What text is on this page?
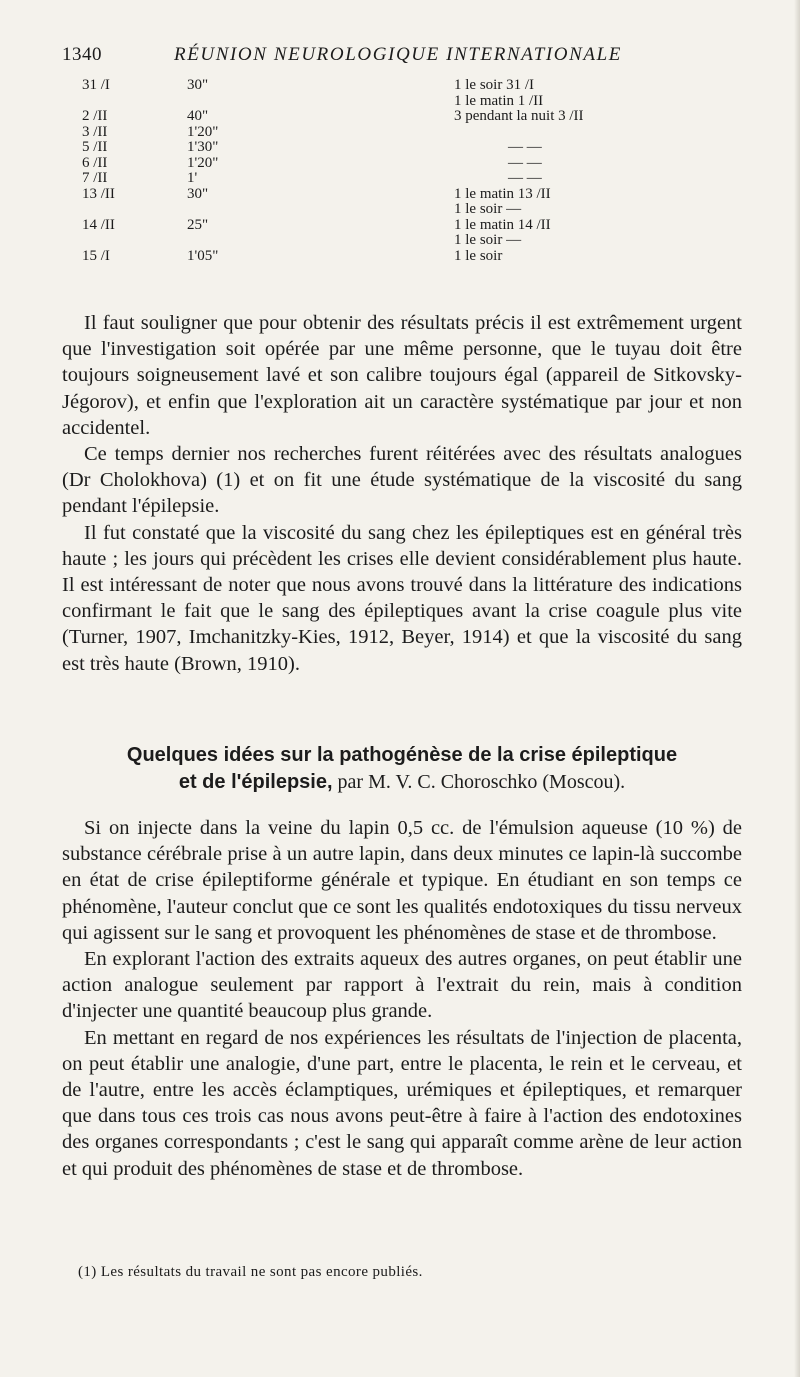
1340	RÉUNION NEUROLOGIQUE INTERNATIONALE
31 /I	30"	1 le soir 31 /I
1 le matin 1 /II
2 /II	40"	3 pendant la nuit 3 /II
3 /II	1'20"
5 /II	1'30"	— —
6 /II	1'20"	— —
7 /II	1'	— —
13 /II	30"	1 le matin 13 /II
1 le soir —
14 /II	25"	1 le matin 14 /II
1 le soir —
15 /I	1'05"	1 le soir

Il faut souligner que pour obtenir des résultats précis il est extrêmement urgent que l'investigation soit opérée par une même personne, que le tuyau doit être toujours soigneusement lavé et son calibre toujours égal (appareil de Sitkovsky-Jégorov), et enfin que l'exploration ait un caractère systématique par jour et non accidentel.

Ce temps dernier nos recherches furent réitérées avec des résultats analogues (Dr Cholokhova) (1) et on fit une étude systématique de la viscosité du sang pendant l'épilepsie.

Il fut constaté que la viscosité du sang chez les épileptiques est en général très haute ; les jours qui précèdent les crises elle devient considérablement plus haute. Il est intéressant de noter que nous avons trouvé dans la littérature des indications confirmant le fait que le sang des épileptiques avant la crise coagule plus vite (Turner, 1907, Imchanitzky-Kies, 1912, Beyer, 1914) et que la viscosité du sang est très haute (Brown, 1910).

Quelques idées sur la pathogénèse de la crise épileptique
et de l'épilepsie, par M. V. C. Choroschko (Moscou).

Si on injecte dans la veine du lapin 0,5 cc. de l'émulsion aqueuse (10 %) de substance cérébrale prise à un autre lapin, dans deux minutes ce lapin-là succombe en état de crise épileptiforme générale et typique. En étudiant en son temps ce phénomène, l'auteur conclut que ce sont les qualités endotoxiques du tissu nerveux qui agissent sur le sang et provoquent les phénomènes de stase et de thrombose.

En explorant l'action des extraits aqueux des autres organes, on peut établir une action analogue seulement par rapport à l'extrait du rein, mais à condition d'injecter une quantité beaucoup plus grande.

En mettant en regard de nos expériences les résultats de l'injection de placenta, on peut établir une analogie, d'une part, entre le placenta, le rein et le cerveau, et de l'autre, entre les accès éclamptiques, urémiques et épileptiques, et remarquer que dans tous ces trois cas nous avons peut-être à faire à l'action des endotoxines des organes correspondants ; c'est le sang qui apparaît comme arène de leur action et qui produit des phénomènes de stase et de thrombose.

(1) Les résultats du travail ne sont pas encore publiés.
